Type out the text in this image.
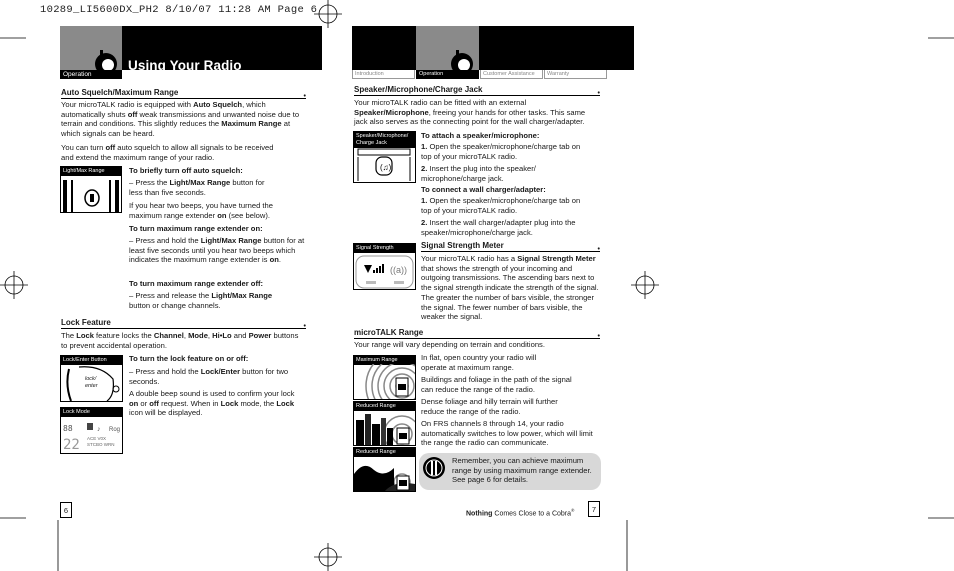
10289_LI5600DX_PH2 8/10/07 11:28 AM Page 6
Operation
Using Your Radio
Introduction	Operation	Customer Assistance	Warranty
Auto Squelch/Maximum Range	•
Your microTALK radio is equipped with Auto Squelch, which automatically shuts off weak transmissions and unwanted noise due to terrain and conditions. This slightly reduces the Maximum Range at which signals can be heard.
You can turn off auto squelch to allow all signals to be received and extend the maximum range of your radio.
Light/Max Range	To briefly turn off auto squelch:
– Press the Light/Max Range button for less than five seconds.
If you hear two beeps, you have turned the maximum range extender on (see below).
To turn maximum range extender on:
– Press and hold the Light/Max Range button for at least five seconds until you hear two beeps which indicates the maximum range extender is on.
To turn maximum range extender off:
– Press and release the Light/Max Range button or change channels.
Lock Feature	•
The Lock feature locks the Channel, Mode, Hi•Lo and Power buttons to prevent accidental operation.
Lock/Enter Button
lock/ enter
Lock Mode
88	♪ Rog
22 ACE V0X STCBO WRN
To turn the lock feature on or off:
– Press and hold the Lock/Enter button for two seconds.
A double beep sound is used to confirm your lock on or off request. When in Lock mode, the Lock icon will be displayed.
6
Speaker/Microphone/Charge Jack	•
Your microTALK radio can be fitted with an external Speaker/Microphone, freeing your hands for other tasks. This same jack also serves as the connecting point for the wall charger/adapter.
Speaker/Microphone/ Charge Jack
(♫)
To attach a speaker/microphone:
1. Open the speaker/microphone/charge tab on top of your microTALK radio.
2. Insert the plug into the speaker/ microphone/charge jack.
To connect a wall charger/adapter:
1. Open the speaker/microphone/charge tab on top of your microTALK radio.
2. Insert the wall charger/adapter plug into the speaker/microphone/charge jack.
Signal Strength
((a))
Signal Strength Meter	•
Your microTALK radio has a Signal Strength Meter that shows the strength of your incoming and outgoing transmissions. The ascending bars next to the signal strength indicate the strength of the signal. The greater the number of bars visible, the stronger the signal. The fewer number of bars visible, the weaker the signal.
microTALK Range	•
Your range will vary depending on terrain and conditions.
Maximum Range
Reduced Range
Reduced Range
In flat, open country your radio will operate at maximum range.
Buildings and foliage in the path of the signal can reduce the range of the radio.
Dense foliage and hilly terrain will further reduce the range of the radio.
On FRS channels 8 through 14, your radio automatically switches to low power, which will limit the range the radio can communicate.
Remember, you can achieve maximum range by using maximum range extender. See page 6 for details.
Nothing Comes Close to a Cobra®	7
